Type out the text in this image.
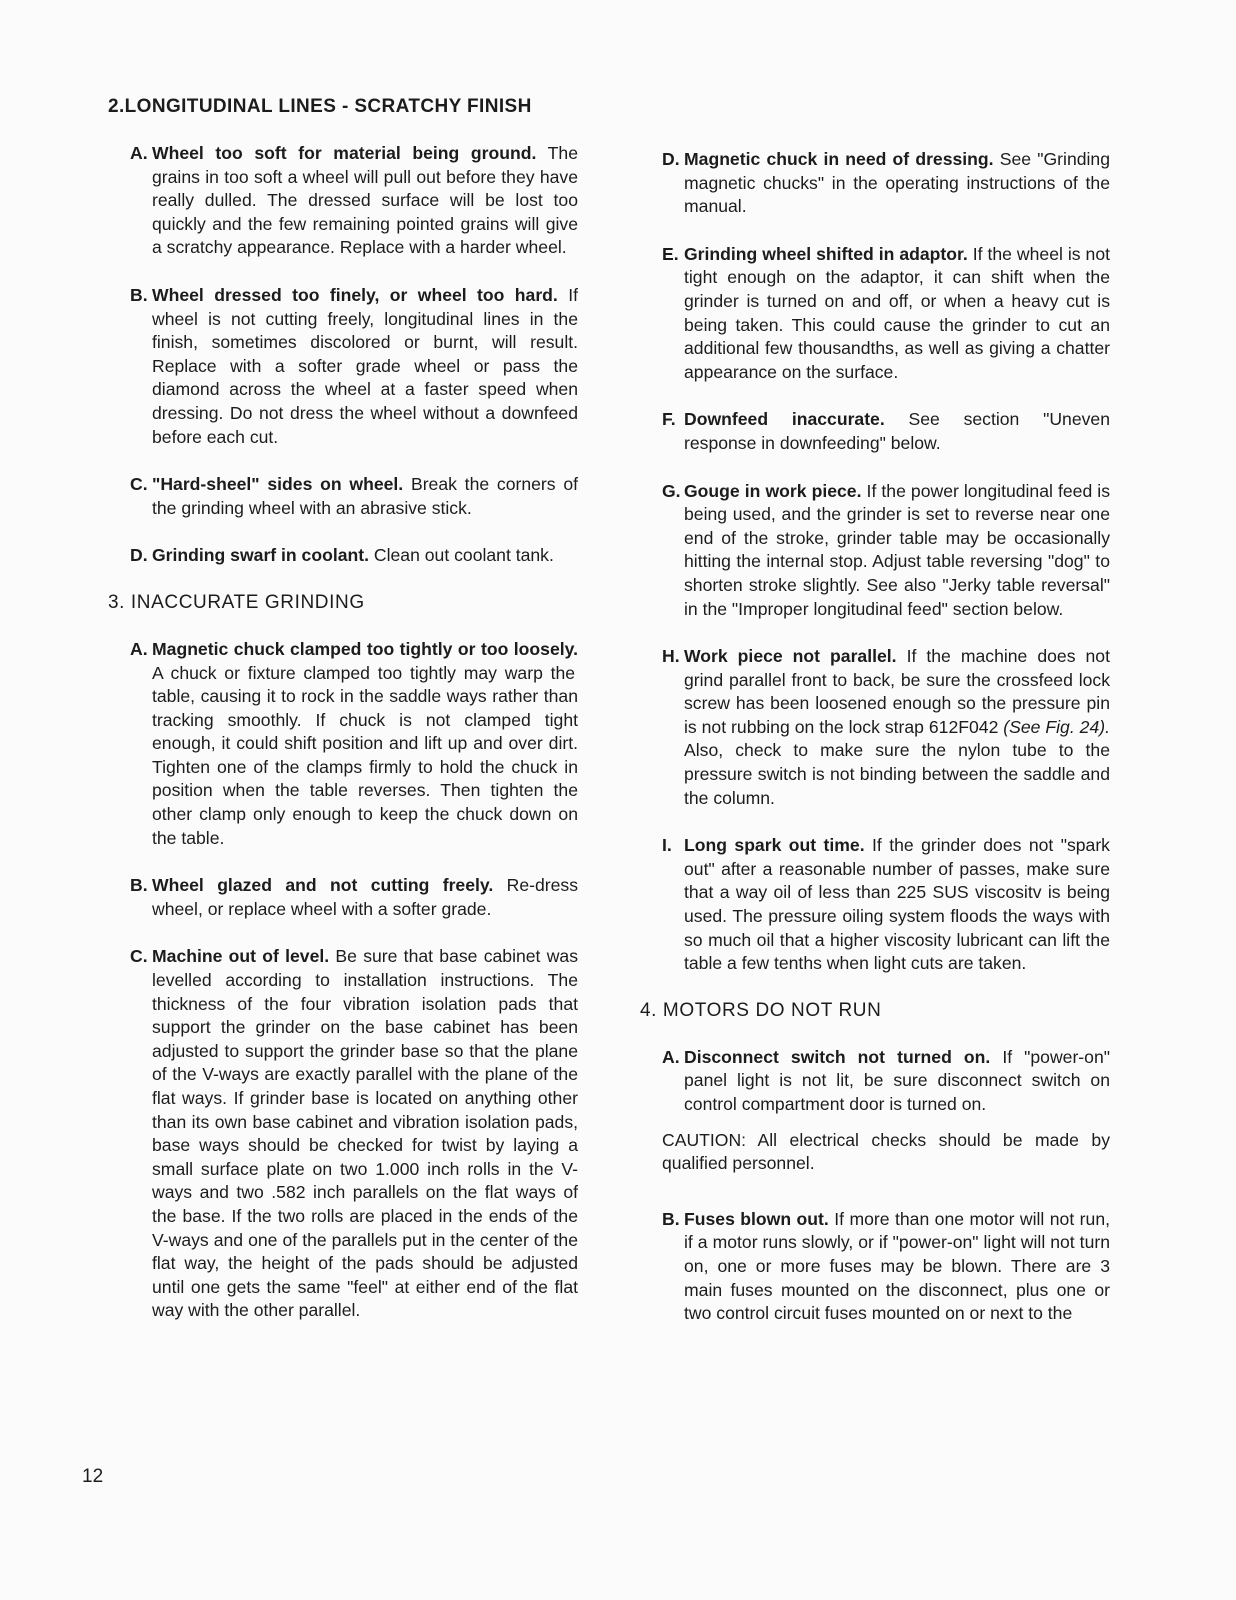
2.LONGITUDINAL LINES - SCRATCHY FINISH

A. Wheel too soft for material being ground. The grains in too soft a wheel will pull out before they have really dulled. The dressed surface will be lost too quickly and the few remaining pointed grains will give a scratchy appearance. Replace with a harder wheel.

B. Wheel dressed too finely, or wheel too hard. If wheel is not cutting freely, longitudinal lines in the finish, sometimes discolored or burnt, will result. Replace with a softer grade wheel or pass the diamond across the wheel at a faster speed when dressing. Do not dress the wheel without a downfeed before each cut.

C. "Hard-sheel" sides on wheel. Break the corners of the grinding wheel with an abrasive stick.

D. Grinding swarf in coolant. Clean out coolant tank.

3. INACCURATE GRINDING

A. Magnetic chuck clamped too tightly or too loosely. A chuck or fixture clamped too tightly may warp the table, causing it to rock in the saddle ways rather than tracking smoothly. If chuck is not clamped tight enough, it could shift position and lift up and over dirt. Tighten one of the clamps firmly to hold the chuck in position when the table reverses. Then tighten the other clamp only enough to keep the chuck down on the table.

B. Wheel glazed and not cutting freely. Re-dress wheel, or replace wheel with a softer grade.

C. Machine out of level. Be sure that base cabinet was levelled according to installation instructions. The thickness of the four vibration isolation pads that support the grinder on the base cabinet has been adjusted to support the grinder base so that the plane of the V-ways are exactly parallel with the plane of the flat ways. If grinder base is located on anything other than its own base cabinet and vibration isolation pads, base ways should be checked for twist by laying a small surface plate on two 1.000 inch rolls in the V-ways and two .582 inch parallels on the flat ways of the base. If the two rolls are placed in the ends of the V-ways and one of the parallels put in the center of the flat way, the height of the pads should be adjusted until one gets the same "feel" at either end of the flat way with the other parallel.

D. Magnetic chuck in need of dressing. See "Grinding magnetic chucks" in the operating instructions of the manual.

E. Grinding wheel shifted in adaptor. If the wheel is not tight enough on the adaptor, it can shift when the grinder is turned on and off, or when a heavy cut is being taken. This could cause the grinder to cut an additional few thousandths, as well as giving a chatter appearance on the surface.

F. Downfeed inaccurate. See section "Uneven response in downfeeding" below.

G. Gouge in work piece. If the power longitudinal feed is being used, and the grinder is set to reverse near one end of the stroke, grinder table may be occasionally hitting the internal stop. Adjust table reversing "dog" to shorten stroke slightly. See also "Jerky table reversal" in the "Improper longitudinal feed" section below.

H. Work piece not parallel. If the machine does not grind parallel front to back, be sure the crossfeed lock screw has been loosened enough so the pressure pin is not rubbing on the lock strap 612F042 (See Fig. 24). Also, check to make sure the nylon tube to the pressure switch is not binding between the saddle and the column.

I. Long spark out time. If the grinder does not "spark out" after a reasonable number of passes, make sure that a way oil of less than 225 SUS viscositv is being used. The pressure oiling system floods the ways with so much oil that a higher viscosity lubricant can lift the table a few tenths when light cuts are taken.

4. MOTORS DO NOT RUN

A. Disconnect switch not turned on. If "power-on" panel light is not lit, be sure disconnect switch on control compartment door is turned on.

CAUTION: All electrical checks should be made by qualified personnel.

B. Fuses blown out. If more than one motor will not run, if a motor runs slowly, or if "power-on" light will not turn on, one or more fuses may be blown. There are 3 main fuses mounted on the disconnect, plus one or two control circuit fuses mounted on or next to the

12
